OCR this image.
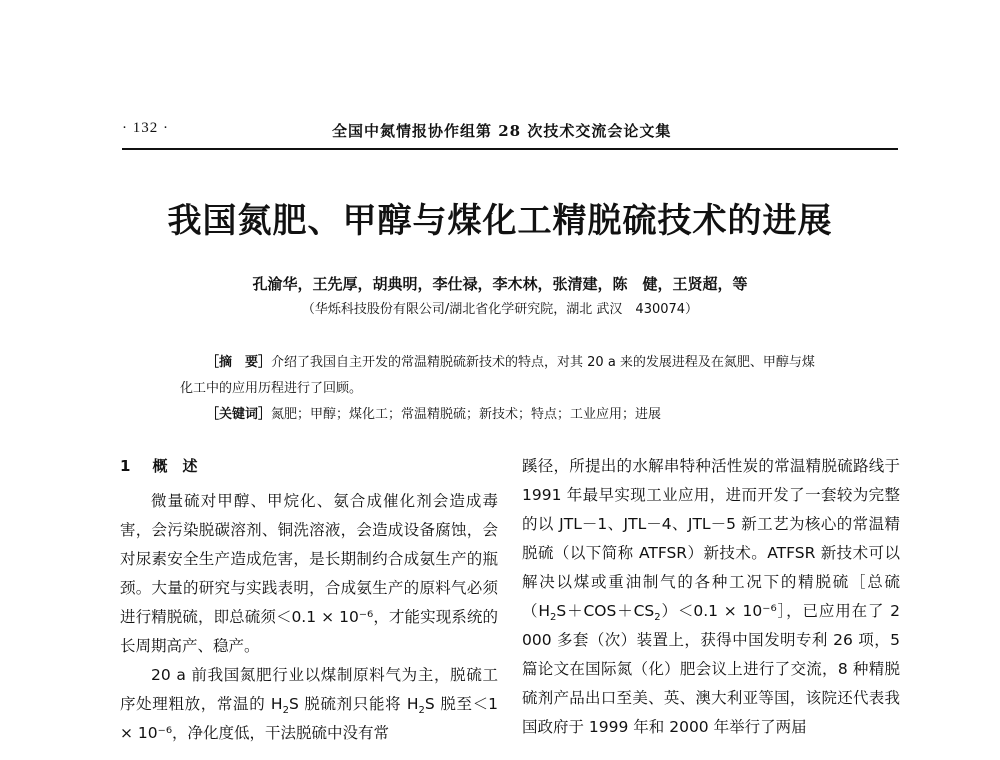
· 132 ·	全国中氮情报协作组第 28 次技术交流会论文集
我国氮肥、甲醇与煤化工精脱硫技术的进展
孔渝华，王先厚，胡典明，李仕禄，李木林，张清建，陈　健，王贤超，等
（华烁科技股份有限公司/湖北省化学研究院，湖北 武汉　430074）

［摘　要］介绍了我国自主开发的常温精脱硫新技术的特点，对其 20 a 来的发展进程及在氮肥、甲醇与煤化工中的应用历程进行了回顾。

［关键词］氮肥；甲醇；煤化工；常温精脱硫；新技术；特点；工业应用；进展

1 概　述

微量硫对甲醇、甲烷化、氨合成催化剂会造成毒害，会污染脱碳溶剂、铜洗溶液，会造成设备腐蚀，会对尿素安全生产造成危害，是长期制约合成氨生产的瓶颈。大量的研究与实践表明，合成氨生产的原料气必须进行精脱硫，即总硫须＜0.1 × 10⁻⁶，才能实现系统的长周期高产、稳产。

20 a 前我国氮肥行业以煤制原料气为主，脱硫工序处理粗放，常温的 $H_2S$ 脱硫剂只能将 $H_2S$ 脱至＜1 × 10⁻⁶，净化度低，干法脱硫中没有常

蹊径，所提出的水解串特种活性炭的常温精脱硫路线于 1991 年最早实现工业应用，进而开发了一套较为完整的以 JTL－1、JTL－4、JTL－5 新工艺为核心的常温精脱硫（以下简称 ATFSR）新技术。ATFSR 新技术可以解决以煤或重油制气的各种工况下的精脱硫［总硫$(H_2S+COS+CS_2)<0.1$ × 10⁻⁶］，已应用在了 2 000 多套（次）装置上，获得中国发明专利 26 项，5 篇论文在国际氮（化）肥会议上进行了交流，8 种精脱硫剂产品出口至美、英、澳大利亚等国，该院还代表我国政府于 1999 年和 2000 年举行了两届
